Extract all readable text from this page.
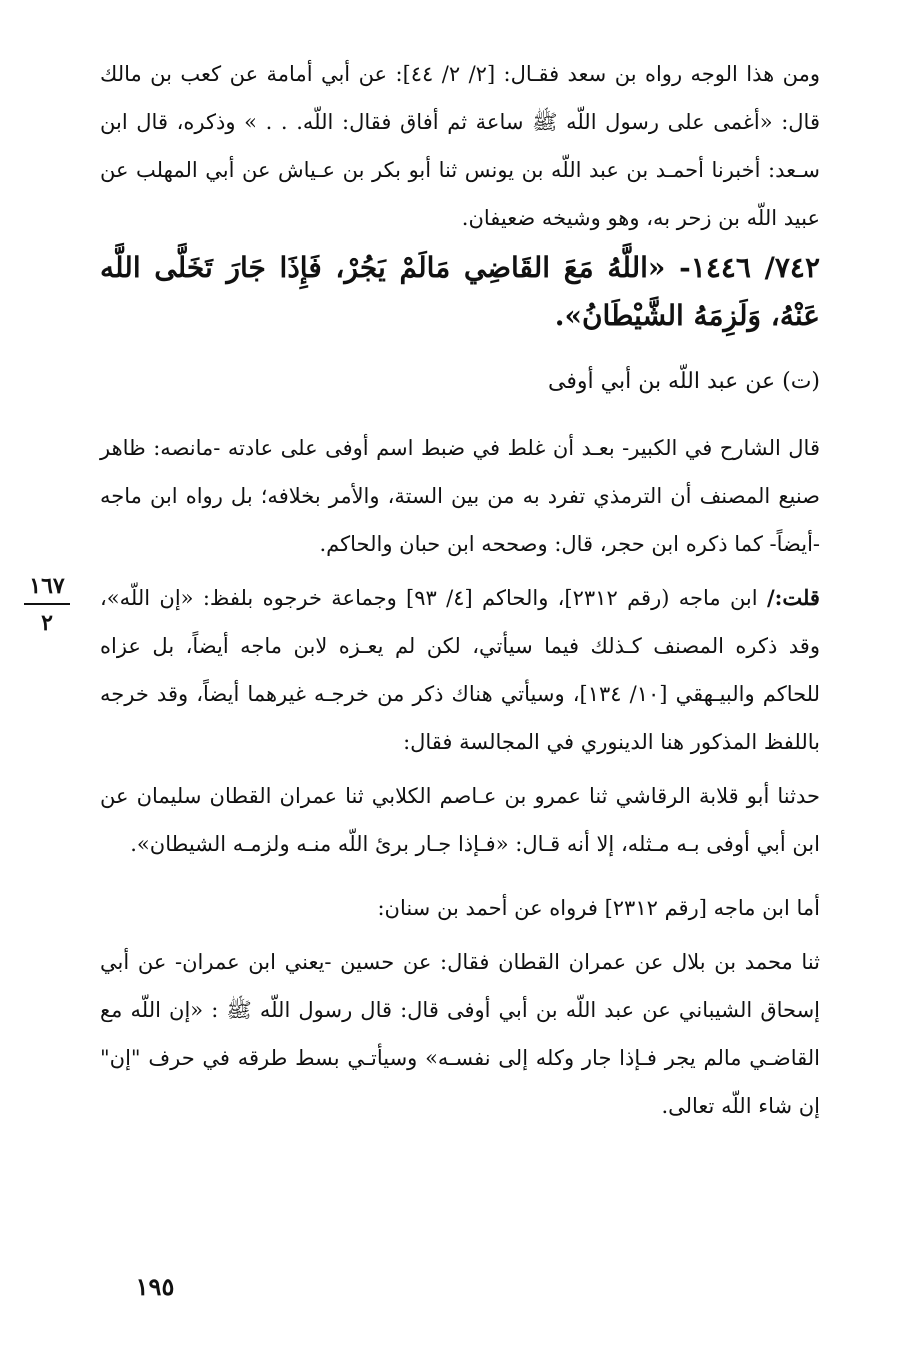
ومن هذا الوجه رواه بن سعد فقـال: [٢/ ٢/ ٤٤]: عن أبي أمامة عن كعب بن مالك قال: «أغمى على رسول اللّه ﷺ ساعة ثم أفاق فقال: اللّه. . . » وذكره، قال ابن سـعد: أخبرنا أحمـد بن عبد اللّه بن يونس ثنا أبو بكر بن عـياش عن أبي المهلب عن عبيد اللّه بن زحر به، وهو وشيخه ضعيفان.

٧٤٢/ ١٤٤٦- «اللَّهُ مَعَ القَاضِي مَالَمْ يَجُرْ، فَإِذَا جَارَ تَخَلَّى اللَّه عَنْهُ، وَلَزِمَهُ الشَّيْطَانُ».

(ت) عن عبد اللّه بن أبي أوفى

قال الشارح في الكبير- بعـد أن غلط في ضبط اسم أوفى على عادته -مانصه: ظاهر صنيع المصنف أن الترمذي تفرد به من بين الستة، والأمر بخلافه؛ بل رواه ابن ماجه -أيضاً- كما ذكره ابن حجر، قال: وصححه ابن حبان والحاكم.

قلت:/ ابن ماجه (رقم ٢٣١٢]، والحاكم [٤/ ٩٣] وجماعة خرجوه بلفظ: «إن اللّه»، وقد ذكره المصنف كـذلك فيما سيأتي، لكن لم يعـزه لابن ماجه أيضاً، بل عزاه للحاكم والبيـهقي [١٠/ ١٣٤]، وسيأتي هناك ذكر من خرجـه غيرهما أيضاً، وقد خرجه باللفظ المذكور هنا الدينوري في المجالسة فقال:

حدثنا أبو قلابة الرقاشي ثنا عمرو بن عـاصم الكلابي ثنا عمران القطان سليمان عن ابن أبي أوفى بـه مـثله، إلا أنه قـال: «فـإذا جـار برئ اللّه منـه ولزمـه الشيطان».

أما ابن ماجه [رقم ٢٣١٢] فرواه عن أحمد بن سنان:

ثنا محمد بن بلال عن عمران القطان فقال: عن حسين -يعني ابن عمران- عن أبي إسحاق الشيباني عن عبد اللّه بن أبي أوفى قال: قال رسول اللّه ﷺ : «إن اللّه مع القاضـي مالم يجر فـإذا جار وكله إلى نفسـه» وسيأتـي بسط طرقه في حرف "إن" إن شاء اللّه تعالى.

١٦٧
٢
١٩٥
